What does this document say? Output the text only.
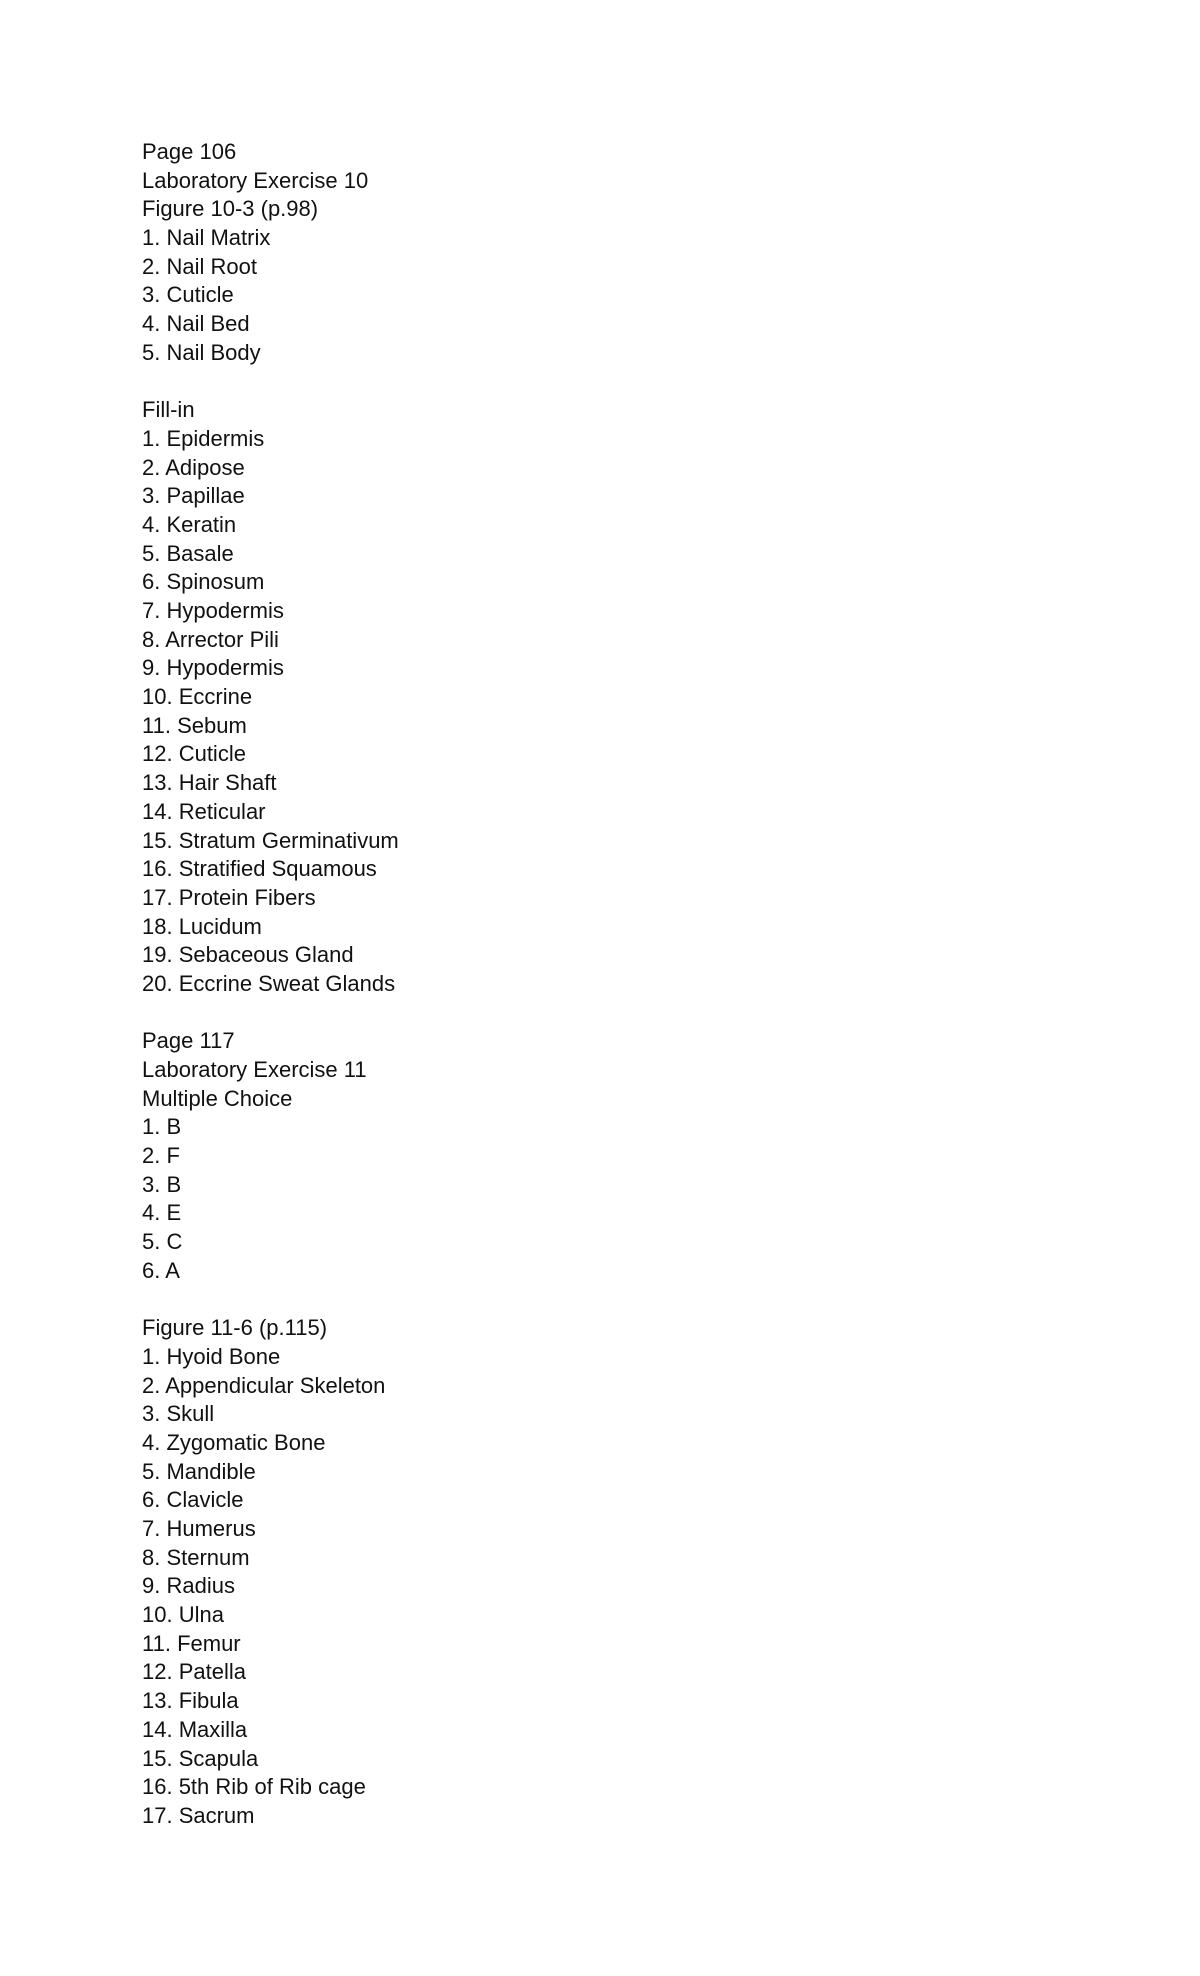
Page 106
Laboratory Exercise 10
Figure 10-3 (p.98)
1. Nail Matrix
2. Nail Root
3. Cuticle
4. Nail Bed
5. Nail Body
Fill-in
1. Epidermis
2. Adipose
3. Papillae
4. Keratin
5. Basale
6. Spinosum
7. Hypodermis
8. Arrector Pili
9. Hypodermis
10. Eccrine
11. Sebum
12. Cuticle
13. Hair Shaft
14. Reticular
15. Stratum Germinativum
16. Stratified Squamous
17. Protein Fibers
18. Lucidum
19. Sebaceous Gland
20. Eccrine Sweat Glands
Page 117
Laboratory Exercise 11
Multiple Choice
1. B
2. F
3. B
4. E
5. C
6. A
Figure 11-6 (p.115)
1. Hyoid Bone
2. Appendicular Skeleton
3. Skull
4. Zygomatic Bone
5. Mandible
6. Clavicle
7. Humerus
8. Sternum
9. Radius
10. Ulna
11. Femur
12. Patella
13. Fibula
14. Maxilla
15. Scapula
16. 5th Rib of Rib cage
17. Sacrum
